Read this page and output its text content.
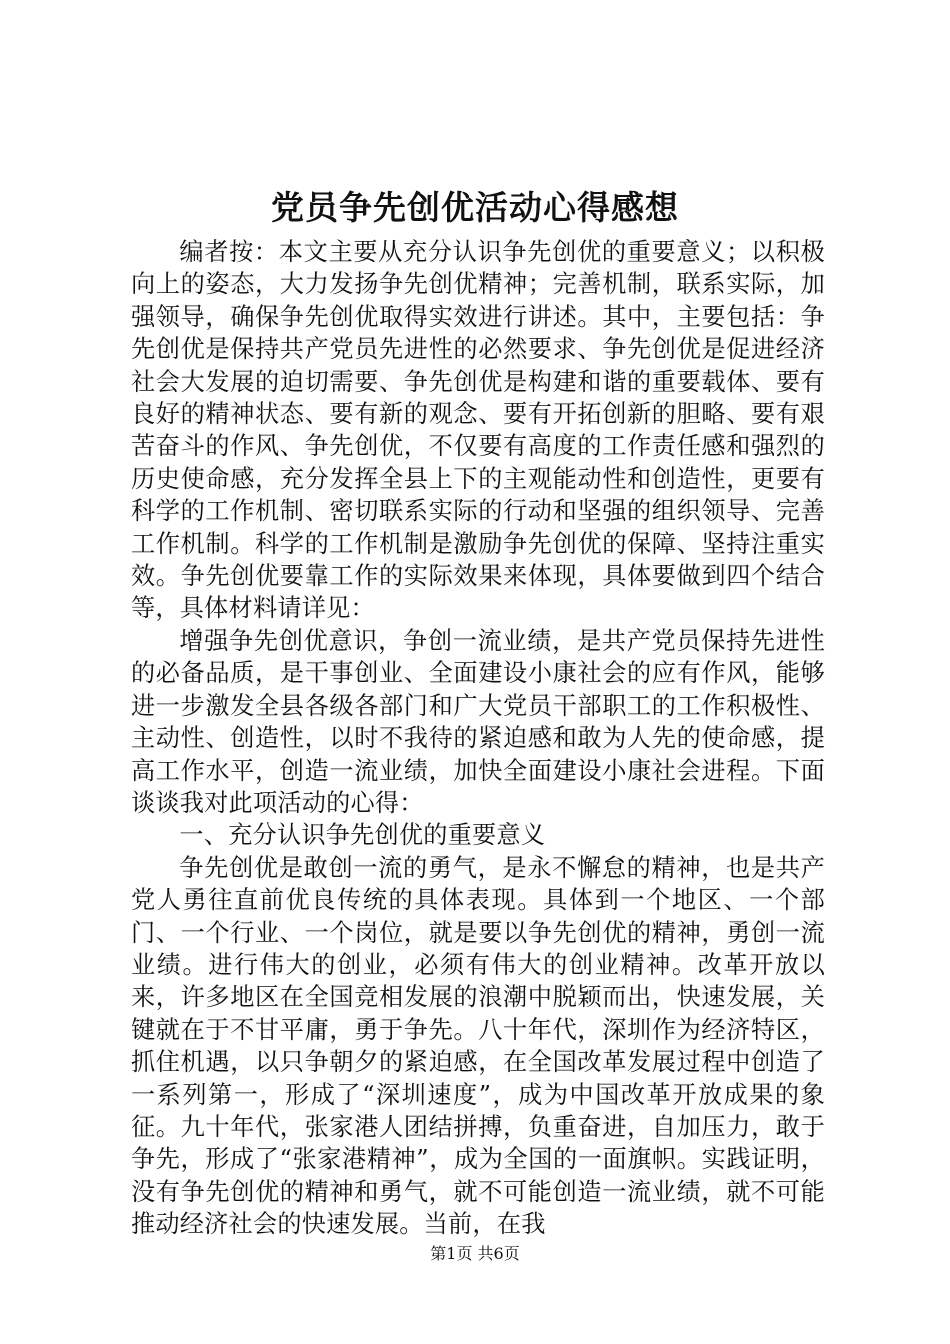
党员争先创优活动心得感想

编者按：本文主要从充分认识争先创优的重要意义；以积极向上的姿态，大力发扬争先创优精神；完善机制，联系实际，加强领导，确保争先创优取得实效进行讲述。其中，主要包括：争先创优是保持共产党员先进性的必然要求、争先创优是促进经济社会大发展的迫切需要、争先创优是构建和谐的重要载体、要有良好的精神状态、要有新的观念、要有开拓创新的胆略、要有艰苦奋斗的作风、争先创优，不仅要有高度的工作责任感和强烈的历史使命感，充分发挥全县上下的主观能动性和创造性，更要有科学的工作机制、密切联系实际的行动和坚强的组织领导、完善工作机制。科学的工作机制是激励争先创优的保障、坚持注重实效。争先创优要靠工作的实际效果来体现，具体要做到四个结合等，具体材料请详见：

增强争先创优意识，争创一流业绩，是共产党员保持先进性的必备品质，是干事创业、全面建设小康社会的应有作风，能够进一步激发全县各级各部门和广大党员干部职工的工作积极性、主动性、创造性，以时不我待的紧迫感和敢为人先的使命感，提高工作水平，创造一流业绩，加快全面建设小康社会进程。下面谈谈我对此项活动的心得：

一、充分认识争先创优的重要意义

争先创优是敢创一流的勇气，是永不懈怠的精神，也是共产党人勇往直前优良传统的具体表现。具体到一个地区、一个部门、一个行业、一个岗位，就是要以争先创优的精神，勇创一流业绩。进行伟大的创业，必须有伟大的创业精神。改革开放以来，许多地区在全国竞相发展的浪潮中脱颖而出，快速发展，关键就在于不甘平庸，勇于争先。八十年代，深圳作为经济特区，抓住机遇，以只争朝夕的紧迫感，在全国改革发展过程中创造了一系列第一，形成了“深圳速度”，成为中国改革开放成果的象征。九十年代，张家港人团结拼搏，负重奋进，自加压力，敢于争先，形成了“张家港精神”，成为全国的一面旗帜。实践证明，没有争先创优的精神和勇气，就不可能创造一流业绩，就不可能推动经济社会的快速发展。当前，在我

第1页 共6页
